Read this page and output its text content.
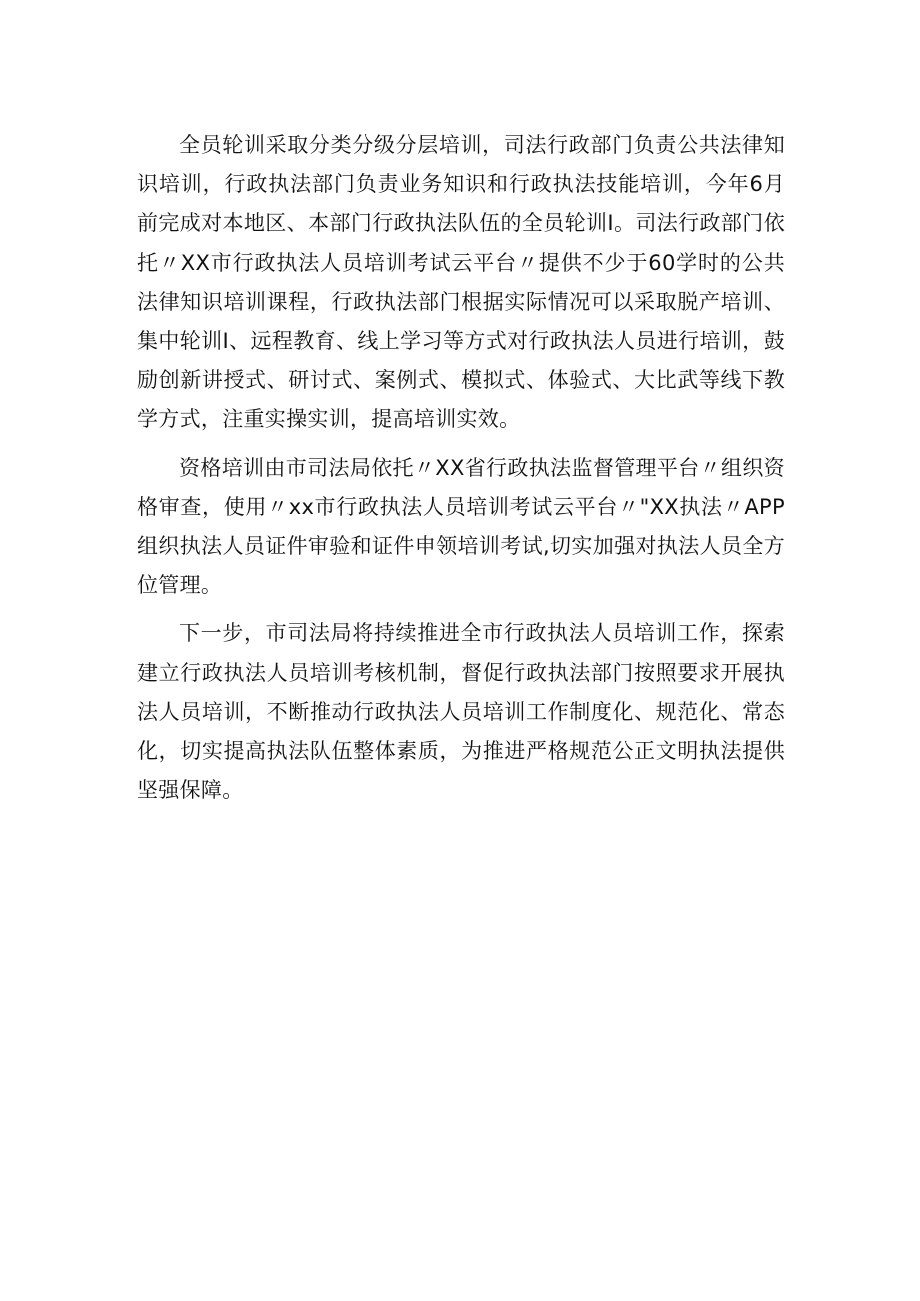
全员轮训采取分类分级分层培训，司法行政部门负责公共法律知识培训，行政执法部门负责业务知识和行政执法技能培训，今年6月前完成对本地区、本部门行政执法队伍的全员轮训I。司法行政部门依托〃XX市行政执法人员培训考试云平台〃提供不少于60学时的公共法律知识培训课程，行政执法部门根据实际情况可以采取脱产培训、集中轮训I、远程教育、线上学习等方式对行政执法人员进行培训，鼓励创新讲授式、研讨式、案例式、模拟式、体验式、大比武等线下教学方式，注重实操实训，提高培训实效。

资格培训由市司法局依托〃XX省行政执法监督管理平台〃组织资格审查，使用〃xx市行政执法人员培训考试云平台〃"XX执法〃APP组织执法人员证件审验和证件申领培训考试,切实加强对执法人员全方位管理。

下一步，市司法局将持续推进全市行政执法人员培训工作，探索建立行政执法人员培训考核机制，督促行政执法部门按照要求开展执法人员培训，不断推动行政执法人员培训工作制度化、规范化、常态化，切实提高执法队伍整体素质，为推进严格规范公正文明执法提供坚强保障。
